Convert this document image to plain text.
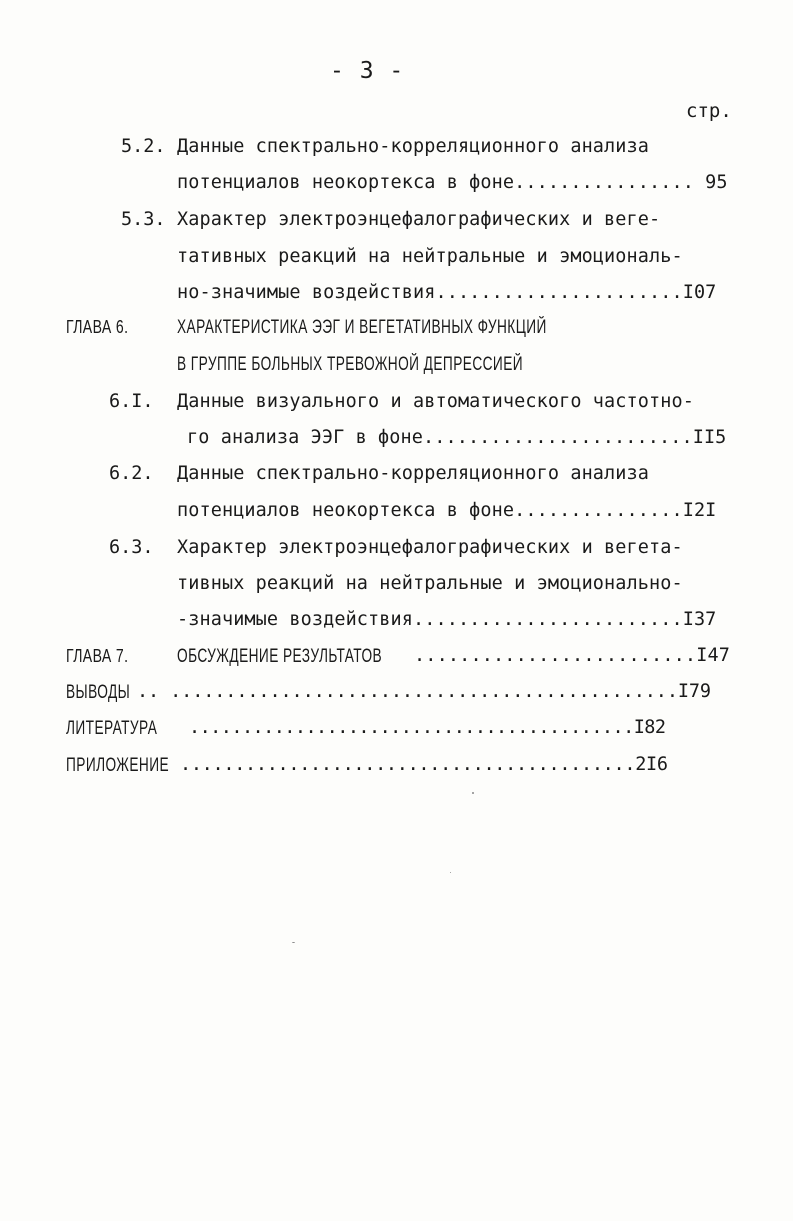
- 3 -
стр.
5.2. Данные спектрально-корреляционного анализа
потенциалов неокортекса в фоне................ 95
5.3. Характер электроэнцефалографических и веге-
тативных реакций на нейтральные и эмоциональ-
но-значимые воздействия......................I07
ГЛАВА 6.	ХАРАКТЕРИСТИКА ЭЭГ И ВЕГЕТАТИВНЫХ ФУНКЦИЙ
В ГРУППЕ БОЛЬНЫХ ТРЕВОЖНОЙ ДЕПРЕССИЕЙ
6.I. Данные визуального и автоматического частотно-
го анализа ЭЭГ в фоне........................II5
6.2. Данные спектрально-корреляционного анализа
потенциалов неокортекса в фоне...............I2I
6.3. Характер электроэнцефалографических и вегета-
тивных реакций на нейтральные и эмоционально-
-значимые воздействия........................I37
ГЛАВА 7.	ОБСУЖДЕНИЕ РЕЗУЛЬТАТОВ .........................I47
ВЫВОДЫ .. ..............................................I79
ЛИТЕРАТУРА ..........................................I82
ПРИЛОЖЕНИЕ ..........................................2I6
